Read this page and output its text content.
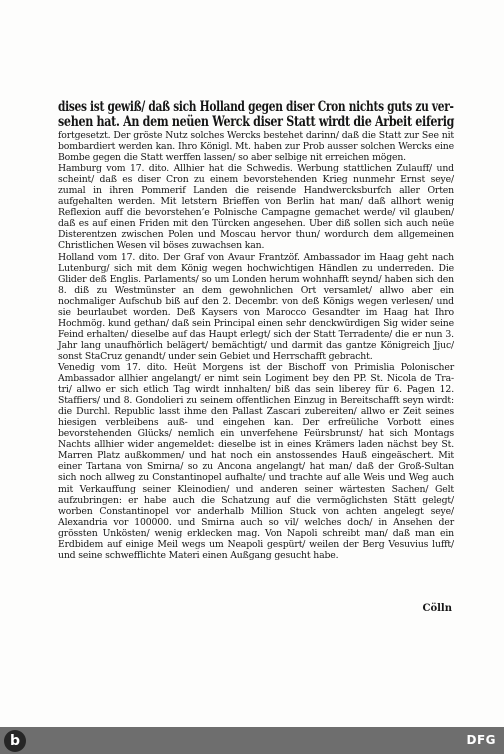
dises ist gewiß/ daß sich Holland gegen diser Cron nichts guts zu ver-
sehen hat. An dem neüen Werck diser Statt wirdt die Arbeit eiferig

fortgesetzt. Der gröste Nutz solches Wercks bestehet darinn/ daß die Statt zur See nit bombardiert werden kan. Ihro Königl. Mt. haben zur Prob ausser solchen Wercks eine Bombe gegen die Statt werffen lassen/ so aber selbige nit erreichen mögen.

Hamburg vom 17. dito. Allhier hat die Schwedis. Werbung stattlichen Zulauff/ und scheint/ daß es diser Cron zu einem bevorstehenden Krieg nunmehr Ernst seye/ zumal in ihren Pommerif Landen die reisende Handwercksburfch aller Orten aufgehalten werden. Mit letstern Brieffen von Berlin hat man/ daß allhort wenig Reflexion auff die bevorstehen’e Polnische Campagne gemachet werde/ vil glauben/ daß es auf einen Friden mit den Türcken angesehen. Uber diß sollen sich auch neüe Disterentzen zwischen Polen und Moscau hervor thun/ wordurch dem allgemeinen Christlichen Wesen vil böses zuwachsen kan.

Holland vom 17. dito. Der Graf von Avaur Frantzöf. Ambassador im Haag geht nach Lutenburg/ sich mit dem König wegen hochwichtigen Händlen zu underreden. Die Glider deß Englis. Parlaments/ so um Londen herum wohnhafft seynd/ haben sich den 8. diß zu Westmünster an dem gewohnlichen Ort versamlet/ allwo aber ein nochmaliger Aufschub biß auf den 2. Decembr. von deß Königs wegen verlesen/ und sie beurlaubet worden. Deß Kaysers von Marocco Gesandter im Haag hat Ihro Hochmög. kund gethan/ daß sein Principal einen sehr denckwürdigen Sig wider seine Feind erhalten/ dieselbe auf das Haupt erlegt/ sich der Statt Terradente/ die er nun 3. Jahr lang unaufhörlich belägert/ bemächtigt/ und darmit das gantze Königreich Jjuc/ sonst StaCruz genandt/ under sein Gebiet und Herrschafft gebracht.

Venedig vom 17. dito. Heüt Morgens ist der Bischoff von Primislia Polonischer Ambassador allhier angelangt/ er nimt sein Logiment bey den PP. St. Nicola de Tra-tri/ allwo er sich etlich Tag wirdt innhalten/ biß das sein liberey für 6. Pagen 12. Staffiers/ und 8. Gondolieri zu seinem offentlichen Einzug in Bereitschafft seyn wirdt: die Durchl. Republic lasst ihme den Pallast Zascari zubereiten/ allwo er Zeit seines hiesigen verbleibens auß- und eingehen kan. Der erfreüliche Vorbott eines bevorstehenden Glücks/ nemlich ein unverfehene Feürsbrunst/ hat sich Montags Nachts allhier wider angemeldet: dieselbe ist in eines Krämers laden nächst bey St. Marren Platz außkommen/ und hat noch ein anstossendes Hauß eingeäschert. Mit einer Tartana von Smirna/ so zu Ancona angelangt/ hat man/ daß der Groß-Sultan sich noch allweg zu Constantinopel aufhalte/ und trachte auf alle Weis und Weg auch mit Verkauffung seiner Kleinodien/ und anderen seiner wärtesten Sachen/ Gelt aufzubringen: er habe auch die Schatzung auf die vermöglichsten Stätt gelegt/ worben Constantinopel vor anderhalb Million Stuck von achten angelegt seye/ Alexandria vor 100000. und Smirna auch so vil/ welches doch/ in Ansehen der grössten Unkösten/ wenig erklecken mag. Von Napoli schreibt man/ daß man ein Erdbidem auf einige Meil wegs um Neapoli gespürt/ weilen der Berg Vesuvius lufft/ und seine schwefflichte Materi einen Außgang gesucht habe.

Cölln
b	DFG
